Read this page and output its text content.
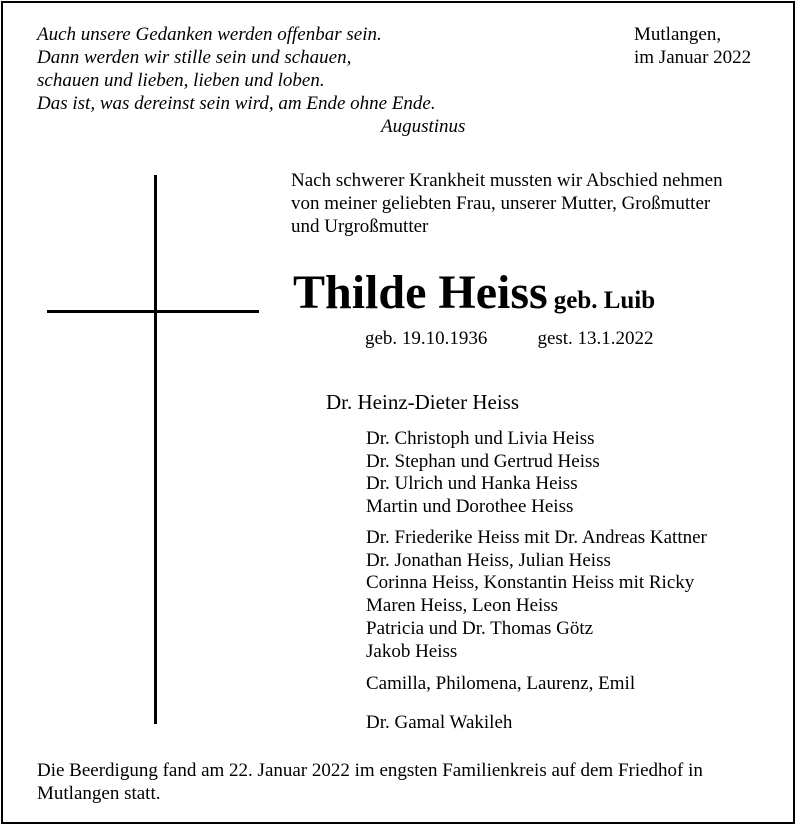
Auch unsere Gedanken werden offenbar sein.
Dann werden wir stille sein und schauen,
schauen und lieben, lieben und loben.
Das ist, was dereinst sein wird, am Ende ohne Ende.
Augustinus
Mutlangen,
im Januar 2022
Nach schwerer Krankheit mussten wir Abschied nehmen
von meiner geliebten Frau, unserer Mutter, Großmutter
und Urgroßmutter
Thilde Heiss geb. Luib
geb. 19.10.1936	gest. 13.1.2022
Dr. Heinz-Dieter Heiss
Dr. Christoph und Livia Heiss
Dr. Stephan und Gertrud Heiss
Dr. Ulrich und Hanka Heiss
Martin und Dorothee Heiss
Dr. Friederike Heiss mit Dr. Andreas Kattner
Dr. Jonathan Heiss, Julian Heiss
Corinna Heiss, Konstantin Heiss mit Ricky
Maren Heiss, Leon Heiss
Patricia und Dr. Thomas Götz
Jakob Heiss
Camilla, Philomena, Laurenz, Emil
Dr. Gamal Wakileh
Die Beerdigung fand am 22. Januar 2022 im engsten Familienkreis auf dem Friedhof in
Mutlangen statt.
